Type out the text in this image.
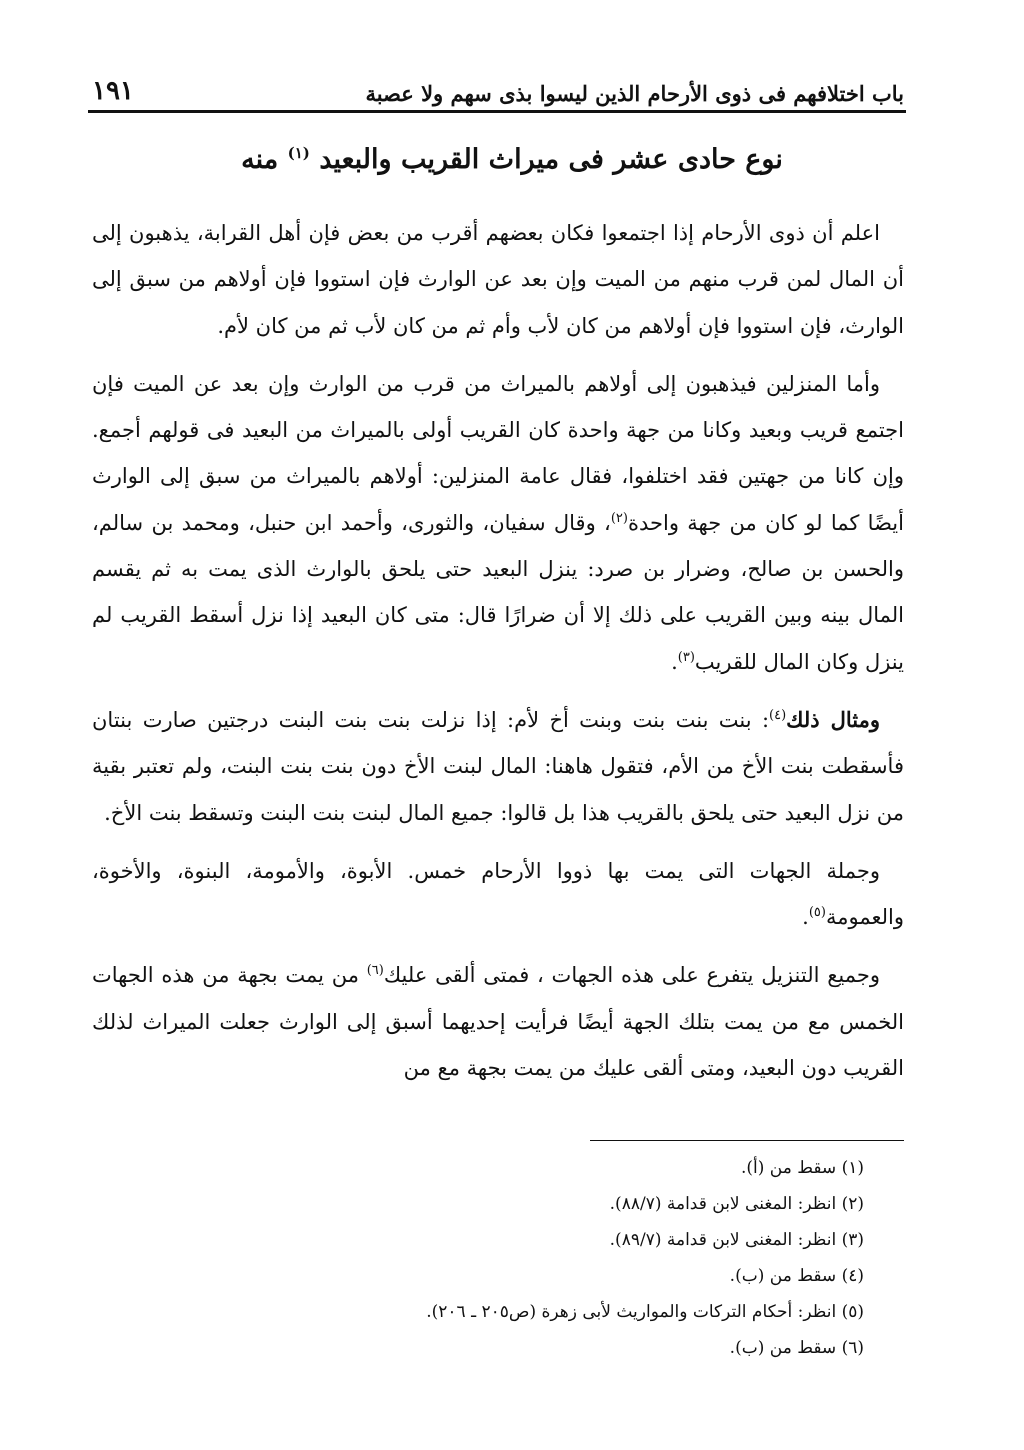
باب اختلافهم فى ذوى الأرحام الذين ليسوا بذى سهم ولا عصبة
١٩١
نوع حادى عشر فى ميراث القريب والبعيد $^{(١)}$ منه

اعلم أن ذوى الأرحام إذا اجتمعوا فكان بعضهم أقرب من بعض فإن أهل القرابة، يذهبون إلى أن المال لمن قرب منهم من الميت وإن بعد عن الوارث فإن استووا فإن أولاهم من سبق إلى الوارث، فإن استووا فإن أولاهم من كان لأب وأم ثم من كان لأب ثم من كان لأم.

وأما المنزلين فيذهبون إلى أولاهم بالميراث من قرب من الوارث وإن بعد عن الميت فإن اجتمع قريب وبعيد وكانا من جهة واحدة كان القريب أولى بالميراث من البعيد فى قولهم أجمع. وإن كانا من جهتين فقد اختلفوا، فقال عامة المنزلين: أولاهم بالميراث من سبق إلى الوارث أيضًا كما لو كان من جهة واحدة$^{(٢)}$، وقال سفيان، والثورى، وأحمد ابن حنبل، ومحمد بن سالم، والحسن بن صالح، وضرار بن صرد: ينزل البعيد حتى يلحق بالوارث الذى يمت به ثم يقسم المال بينه وبين القريب على ذلك إلا أن ضرارًا قال: متى كان البعيد إذا نزل أسقط القريب لم ينزل وكان المال للقريب$^{(٣)}$.

ومثال ذلك$^{(٤)}$: بنت بنت بنت وبنت أخ لأم: إذا نزلت بنت بنت البنت درجتين صارت بنتان فأسقطت بنت الأخ من الأم، فتقول هاهنا: المال لبنت الأخ دون بنت بنت البنت، ولم تعتبر بقية من نزل البعيد حتى يلحق بالقريب هذا بل قالوا: جميع المال لبنت بنت البنت وتسقط بنت الأخ.

وجملة الجهات التى يمت بها ذووا الأرحام خمس. الأبوة، والأمومة، البنوة، والأخوة، والعمومة$^{(٥)}$.

وجميع التنزيل يتفرع على هذه الجهات ، فمتى ألقى عليك$^{(٦)}$ من يمت بجهة من هذه الجهات الخمس مع من يمت بتلك الجهة أيضًا فرأيت إحديهما أسبق إلى الوارث جعلت الميراث لذلك القريب دون البعيد، ومتى ألقى عليك من يمت بجهة مع من

(١) سقط من (أ).
(٢) انظر: المغنى لابن قدامة (٨٨/٧).
(٣) انظر: المغنى لابن قدامة (٨٩/٧).
(٤) سقط من (ب).
(٥) انظر: أحكام التركات والمواريث لأبى زهرة (ص٢٠٥ ـ ٢٠٦).
(٦) سقط من (ب).
